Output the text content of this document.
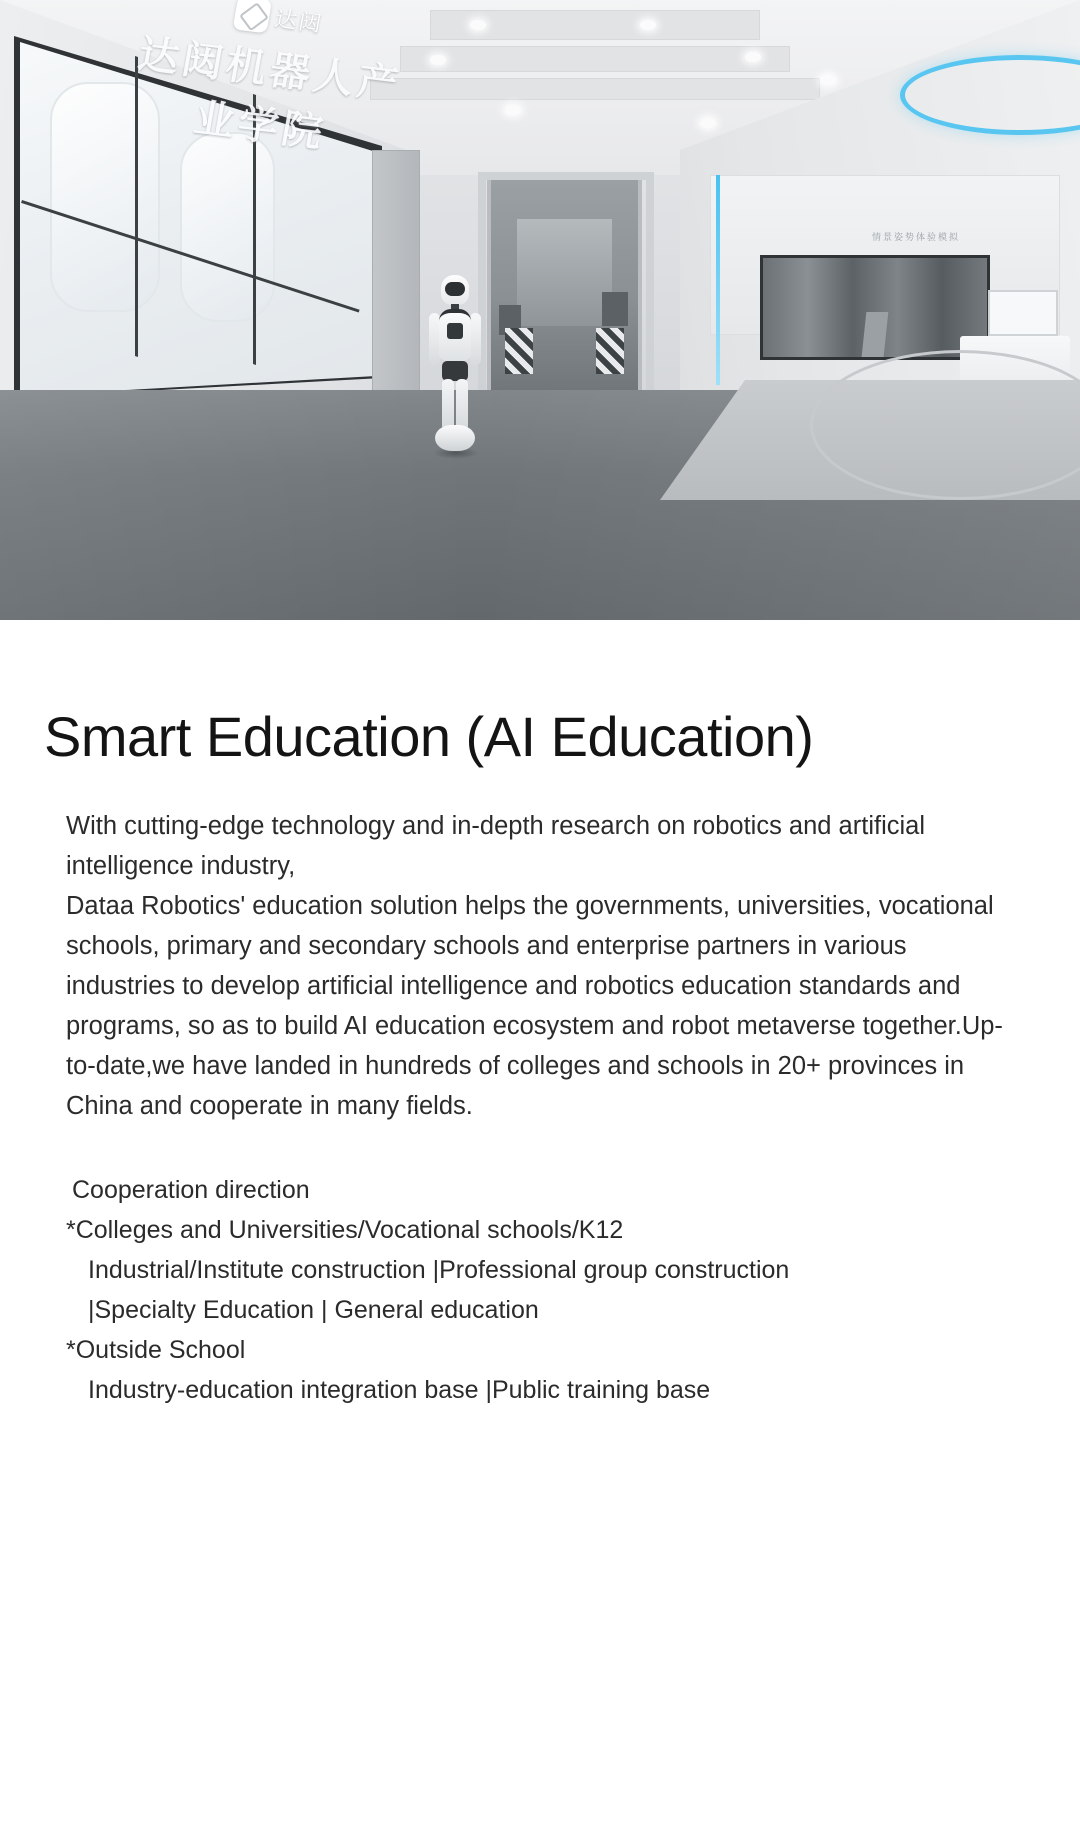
达闼
达闼机器人产业学院
情景姿势体验模拟
Smart Education (AI Education)

With cutting-edge technology and in-depth research on robotics and artificial intelligence industry,

Dataa Robotics' education solution helps the governments, universities, vocational schools, primary and secondary schools and enterprise partners in various industries to develop artificial intelligence and robotics education standards and programs, so as to build AI education ecosystem and robot metaverse together.Up-to-date,we have landed in hundreds of colleges and schools in 20+ provinces in China and cooperate in many fields.

Cooperation direction
*Colleges and Universities/Vocational schools/K12
Industrial/Institute construction |Professional group construction
|Specialty Education | General education
*Outside School
Industry-education integration base |Public training base
